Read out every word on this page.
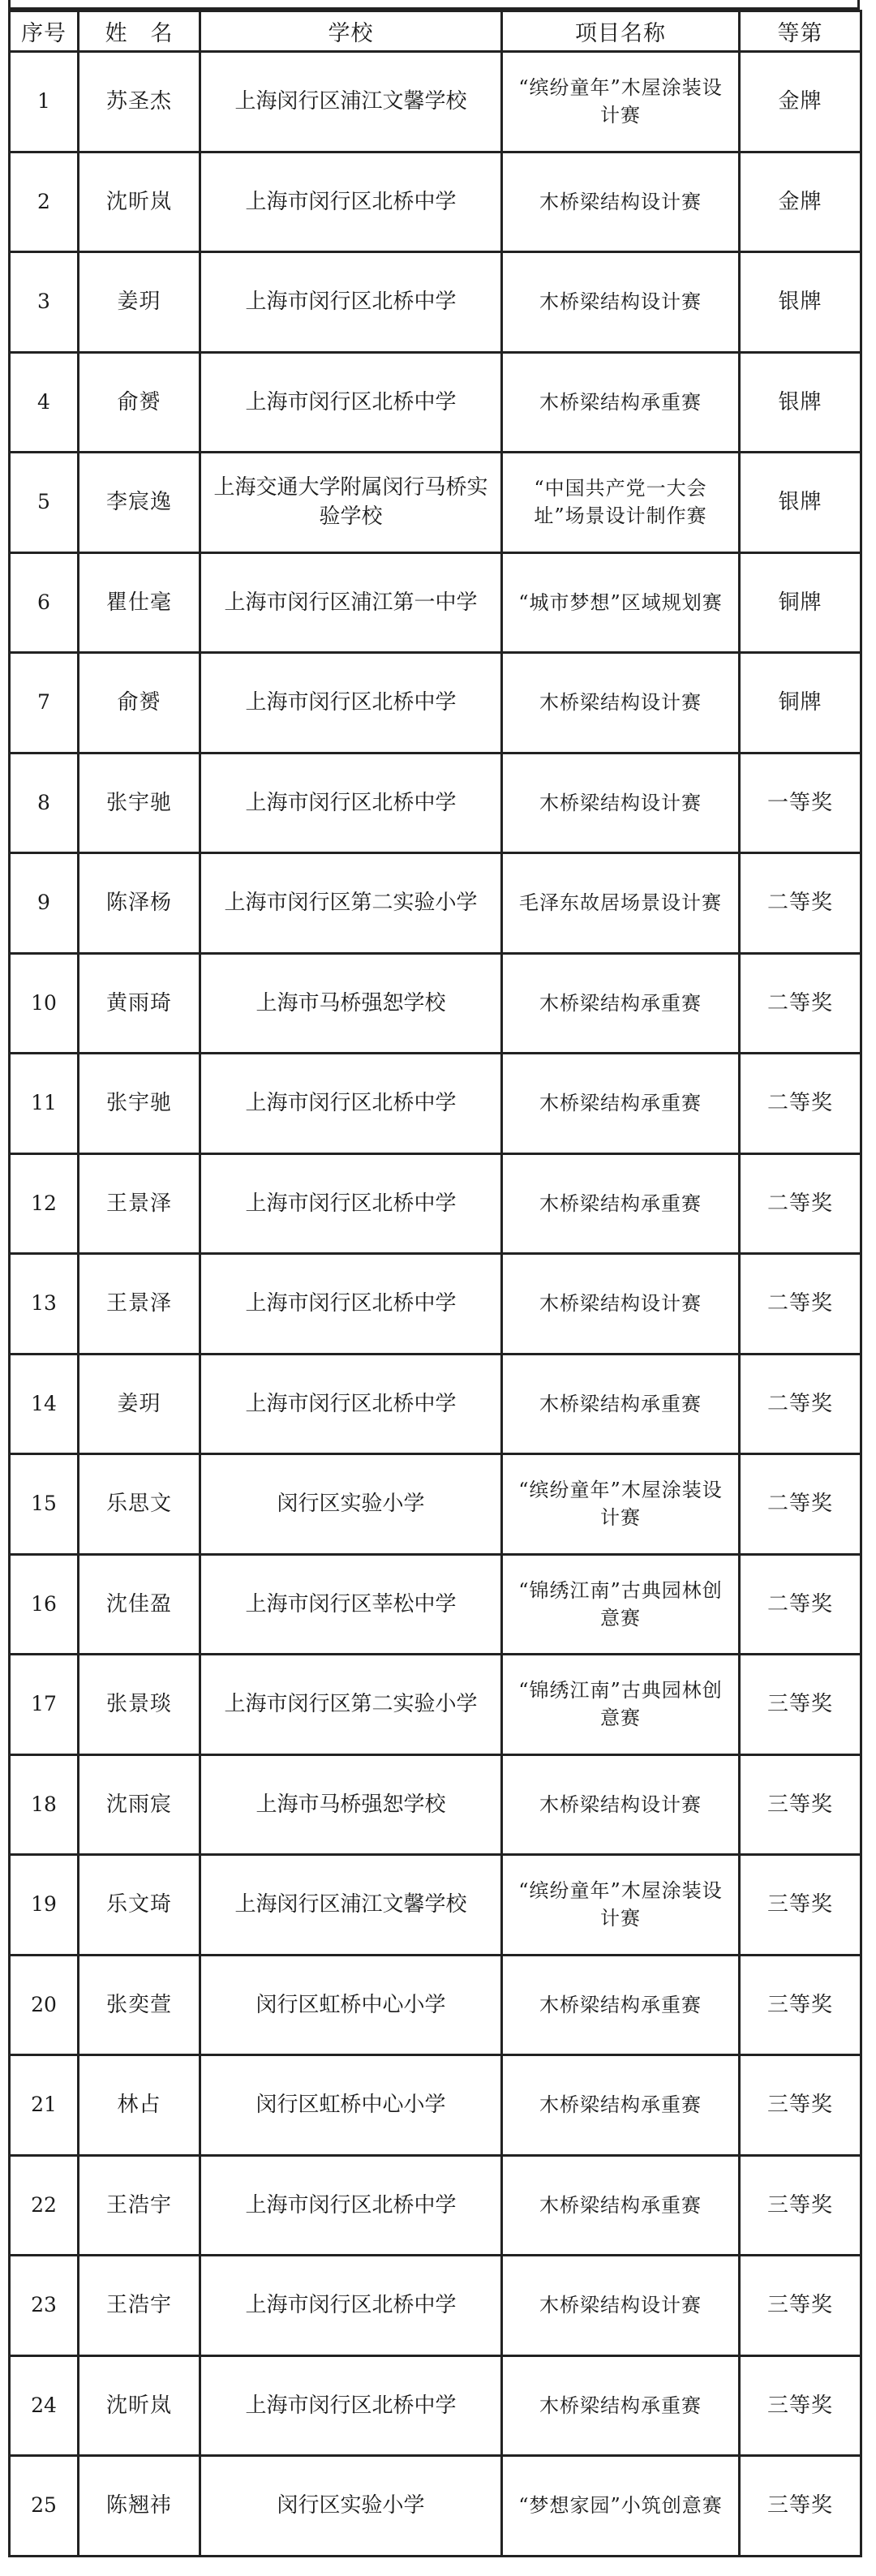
序号	姓　名	学校	项目名称	等第
1	苏圣杰	上海闵行区浦江文馨学校	“缤纷童年”木屋涂装设计赛	金牌
2	沈昕岚	上海市闵行区北桥中学	木桥梁结构设计赛	金牌
3	姜玥	上海市闵行区北桥中学	木桥梁结构设计赛	银牌
4	俞赟	上海市闵行区北桥中学	木桥梁结构承重赛	银牌
5	李宸逸	上海交通大学附属闵行马桥实验学校	“中国共产党一大会址”场景设计制作赛	银牌
6	瞿仕毫	上海市闵行区浦江第一中学	“城市梦想”区域规划赛	铜牌
7	俞赟	上海市闵行区北桥中学	木桥梁结构设计赛	铜牌
8	张宇驰	上海市闵行区北桥中学	木桥梁结构设计赛	一等奖
9	陈泽杨	上海市闵行区第二实验小学	毛泽东故居场景设计赛	二等奖
10	黄雨琦	上海市马桥强恕学校	木桥梁结构承重赛	二等奖
11	张宇驰	上海市闵行区北桥中学	木桥梁结构承重赛	二等奖
12	王景泽	上海市闵行区北桥中学	木桥梁结构承重赛	二等奖
13	王景泽	上海市闵行区北桥中学	木桥梁结构设计赛	二等奖
14	姜玥	上海市闵行区北桥中学	木桥梁结构承重赛	二等奖
15	乐思文	闵行区实验小学	“缤纷童年”木屋涂装设计赛	二等奖
16	沈佳盈	上海市闵行区莘松中学	“锦绣江南”古典园林创意赛	二等奖
17	张景琰	上海市闵行区第二实验小学	“锦绣江南”古典园林创意赛	三等奖
18	沈雨宸	上海市马桥强恕学校	木桥梁结构设计赛	三等奖
19	乐文琦	上海闵行区浦江文馨学校	“缤纷童年”木屋涂装设计赛	三等奖
20	张奕萱	闵行区虹桥中心小学	木桥梁结构承重赛	三等奖
21	林占	闵行区虹桥中心小学	木桥梁结构承重赛	三等奖
22	王浩宇	上海市闵行区北桥中学	木桥梁结构承重赛	三等奖
23	王浩宇	上海市闵行区北桥中学	木桥梁结构设计赛	三等奖
24	沈昕岚	上海市闵行区北桥中学	木桥梁结构承重赛	三等奖
25	陈翘祎	闵行区实验小学	“梦想家园”小筑创意赛	三等奖
